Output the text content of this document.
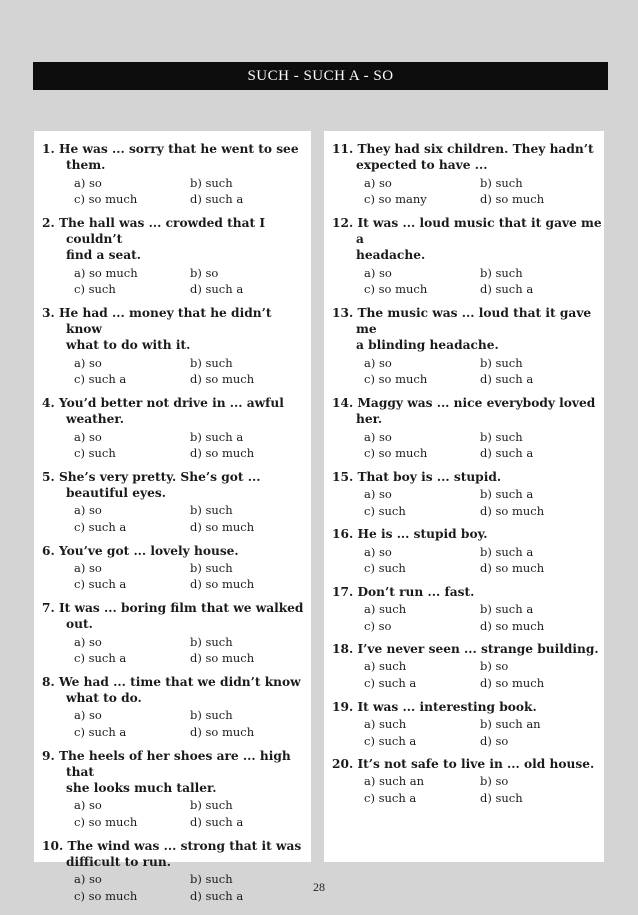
SUCH - SUCH A - SO
1. He was ... sorry that he went to see
them.
a) so	b) such
c) so much	d) such a
2. The hall was ... crowded that I couldn’t
find a seat.
a) so much	b) so
c) such	d) such a
3. He had ... money that he didn’t know
what to do with it.
a) so	b) such
c) such a	d) so much
4. You’d better not drive in ... awful
weather.
a) so	b) such a
c) such	d) so much
5. She’s very pretty. She’s got ...
beautiful eyes.
a) so	b) such
c) such a	d) so much
6. You’ve got ... lovely house.
a) so	b) such
c) such a	d) so much
7. It was ... boring film that we walked
out.
a) so	b) such
c) such a	d) so much
8. We had ... time that we didn’t know
what to do.
a) so	b) such
c) such a	d) so much
9. The heels of her shoes are ... high that
she looks much taller.
a) so	b) such
c) so much	d) such a
10. The wind was ... strong that it was
difficult to run.
a) so	b) such
c) so much	d) such a
11. They had six children. They hadn’t
expected to have ...
a) so	b) such
c) so many	d) so much
12. It was ... loud music that it gave me a
headache.
a) so	b) such
c) so much	d) such a
13. The music was ... loud that it gave me
a blinding headache.
a) so	b) such
c) so much	d) such a
14. Maggy was ... nice everybody loved
her.
a) so	b) such
c) so much	d) such a
15. That boy is ... stupid.
a) so	b) such a
c) such	d) so much
16. He is ... stupid boy.
a) so	b) such a
c) such	d) so much
17. Don’t run ... fast.
a) such	b) such a
c) so	d) so much
18. I’ve never seen ... strange building.
a) such	b) so
c) such a	d) so much
19. It was ... interesting book.
a) such	b) such an
c) such a	d) so
20. It’s not safe to live in ... old house.
a) such an	b) so
c) such a	d) such
28
